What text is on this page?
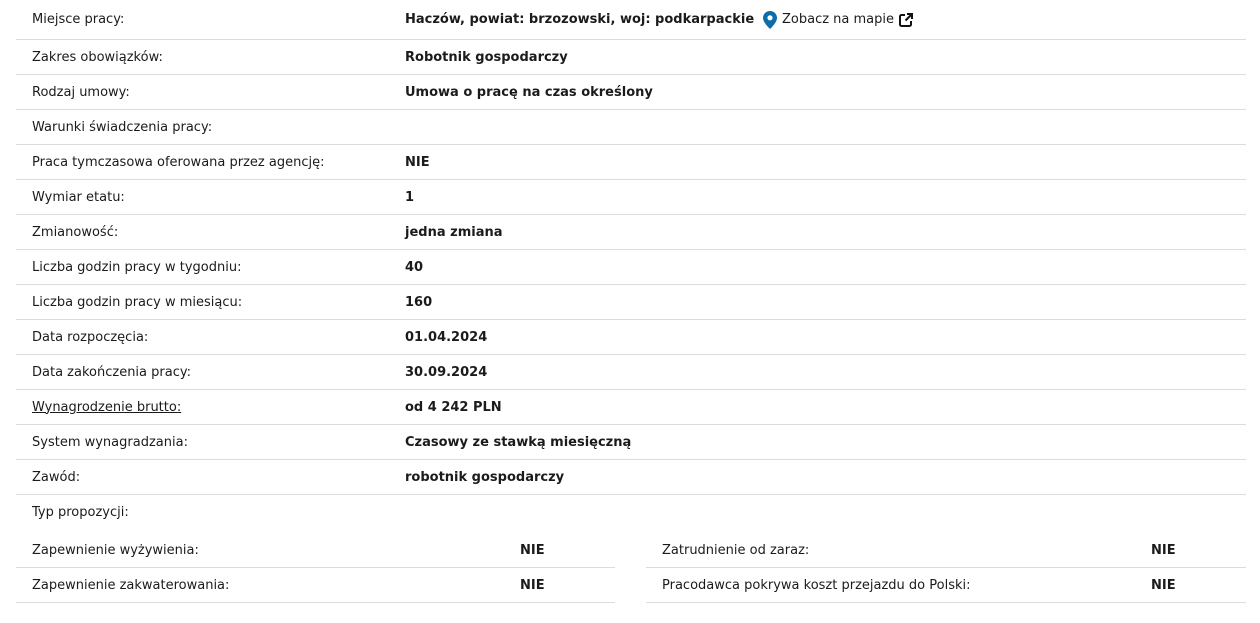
Miejsce pracy:	Haczów, powiat: brzozowski, woj: podkarpackie Zobacz na mapie
Zakres obowiązków:	Robotnik gospodarczy
Rodzaj umowy:	Umowa o pracę na czas określony
Warunki świadczenia pracy:
Praca tymczasowa oferowana przez agencję:	NIE
Wymiar etatu:	1
Zmianowość:	jedna zmiana
Liczba godzin pracy w tygodniu:	40
Liczba godzin pracy w miesiącu:	160
Data rozpoczęcia:	01.04.2024
Data zakończenia pracy:	30.09.2024
Wynagrodzenie brutto:	od 4 242 PLN
System wynagradzania:	Czasowy ze stawką miesięczną
Zawód:	robotnik gospodarczy
Typ propozycji:
Zapewnienie wyżywienia:	NIE
Zapewnienie zakwaterowania:	NIE
Zatrudnienie od zaraz:	NIE
Pracodawca pokrywa koszt przejazdu do Polski:	NIE
